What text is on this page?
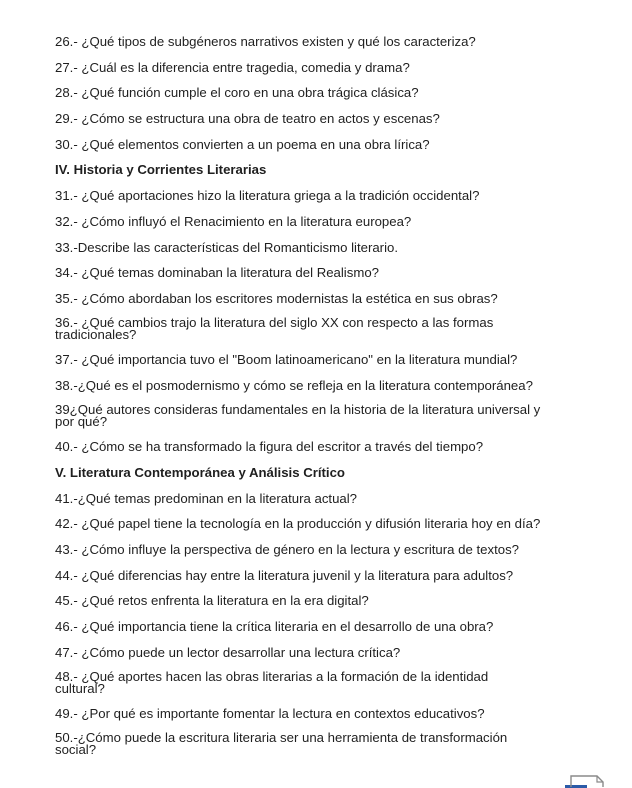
26.- ¿Qué tipos de subgéneros narrativos existen y qué los caracteriza?

27.- ¿Cuál es la diferencia entre tragedia, comedia y drama?

28.- ¿Qué función cumple el coro en una obra trágica clásica?

29.- ¿Cómo se estructura una obra de teatro en actos y escenas?

30.- ¿Qué elementos convierten a un poema en una obra lírica?

IV. Historia y Corrientes Literarias

31.- ¿Qué aportaciones hizo la literatura griega a la tradición occidental?

32.- ¿Cómo influyó el Renacimiento en la literatura europea?

33.-Describe las características del Romanticismo literario.

34.- ¿Qué temas dominaban la literatura del Realismo?

35.- ¿Cómo abordaban los escritores modernistas la estética en sus obras?

36.- ¿Qué cambios trajo la literatura del siglo XX con respecto a las formas
tradicionales?

37.- ¿Qué importancia tuvo el "Boom latinoamericano" en la literatura mundial?

38.-¿Qué es el posmodernismo y cómo se refleja en la literatura contemporánea?

39¿Qué autores consideras fundamentales en la historia de la literatura universal y
por qué?

40.- ¿Cómo se ha transformado la figura del escritor a través del tiempo?

V. Literatura Contemporánea y Análisis Crítico

41.-¿Qué temas predominan en la literatura actual?

42.- ¿Qué papel tiene la tecnología en la producción y difusión literaria hoy en día?

43.- ¿Cómo influye la perspectiva de género en la lectura y escritura de textos?

44.- ¿Qué diferencias hay entre la literatura juvenil y la literatura para adultos?

45.- ¿Qué retos enfrenta la literatura en la era digital?

46.- ¿Qué importancia tiene la crítica literaria en el desarrollo de una obra?

47.- ¿Cómo puede un lector desarrollar una lectura crítica?

48.- ¿Qué aportes hacen las obras literarias a la formación de la identidad
cultural?

49.- ¿Por qué es importante fomentar la lectura en contextos educativos?

50.-¿Cómo puede la escritura literaria ser una herramienta de transformación
social?
